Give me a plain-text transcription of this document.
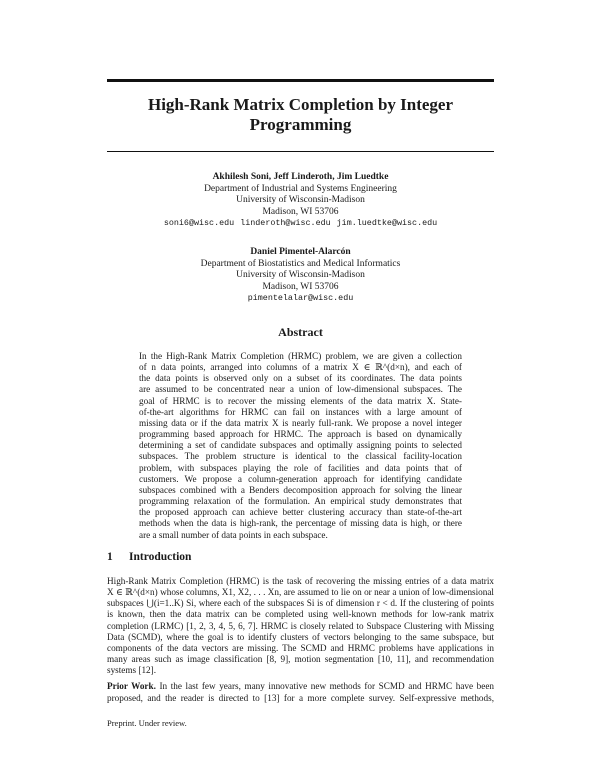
High-Rank Matrix Completion by Integer
Programming
Akhilesh Soni, Jeff Linderoth, Jim Luedtke
Department of Industrial and Systems Engineering
University of Wisconsin-Madison
Madison, WI 53706
soni6@wisc.edu linderoth@wisc.edu jim.luedtke@wisc.edu
Daniel Pimentel-Alarcón
Department of Biostatistics and Medical Informatics
University of Wisconsin-Madison
Madison, WI 53706
pimentelalar@wisc.edu
Abstract
In the High-Rank Matrix Completion (HRMC) problem, we are given a collection
of n data points, arranged into columns of a matrix X ∈ ℝ^(d×n), and each of
the data points is observed only on a subset of its coordinates. The data points
are assumed to be concentrated near a union of low-dimensional subspaces. The
goal of HRMC is to recover the missing elements of the data matrix X. State-
of-the-art algorithms for HRMC can fail on instances with a large amount of
missing data or if the data matrix X is nearly full-rank. We propose a novel integer
programming based approach for HRMC. The approach is based on dynamically
determining a set of candidate subspaces and optimally assigning points to selected
subspaces. The problem structure is identical to the classical facility-location
problem, with subspaces playing the role of facilities and data points that of
customers. We propose a column-generation approach for identifying candidate
subspaces combined with a Benders decomposition approach for solving the linear
programming relaxation of the formulation. An empirical study demonstrates that
the proposed approach can achieve better clustering accuracy than state-of-the-art
methods when the data is high-rank, the percentage of missing data is high, or there
are a small number of data points in each subspace.
1 Introduction
High-Rank Matrix Completion (HRMC) is the task of recovering the missing entries of a data matrix
X ∈ ℝ^(d×n) whose columns, X1, X2, . . . Xn, are assumed to lie on or near a union of low-dimensional
subspaces ⋃(i=1..K) Si, where each of the subspaces Si is of dimension r < d. If the clustering of points
is known, then the data matrix can be completed using well-known methods for low-rank matrix
completion (LRMC) [1, 2, 3, 4, 5, 6, 7]. HRMC is closely related to Subspace Clustering with Missing
Data (SCMD), where the goal is to identify clusters of vectors belonging to the same subspace, but
components of the data vectors are missing. The SCMD and HRMC problems have applications in
many areas such as image classification [8, 9], motion segmentation [10, 11], and recommendation
systems [12].
Prior Work. In the last few years, many innovative new methods for SCMD and HRMC have been
proposed, and the reader is directed to [13] for a more complete survey. Self-expressive methods,
Preprint. Under review.
